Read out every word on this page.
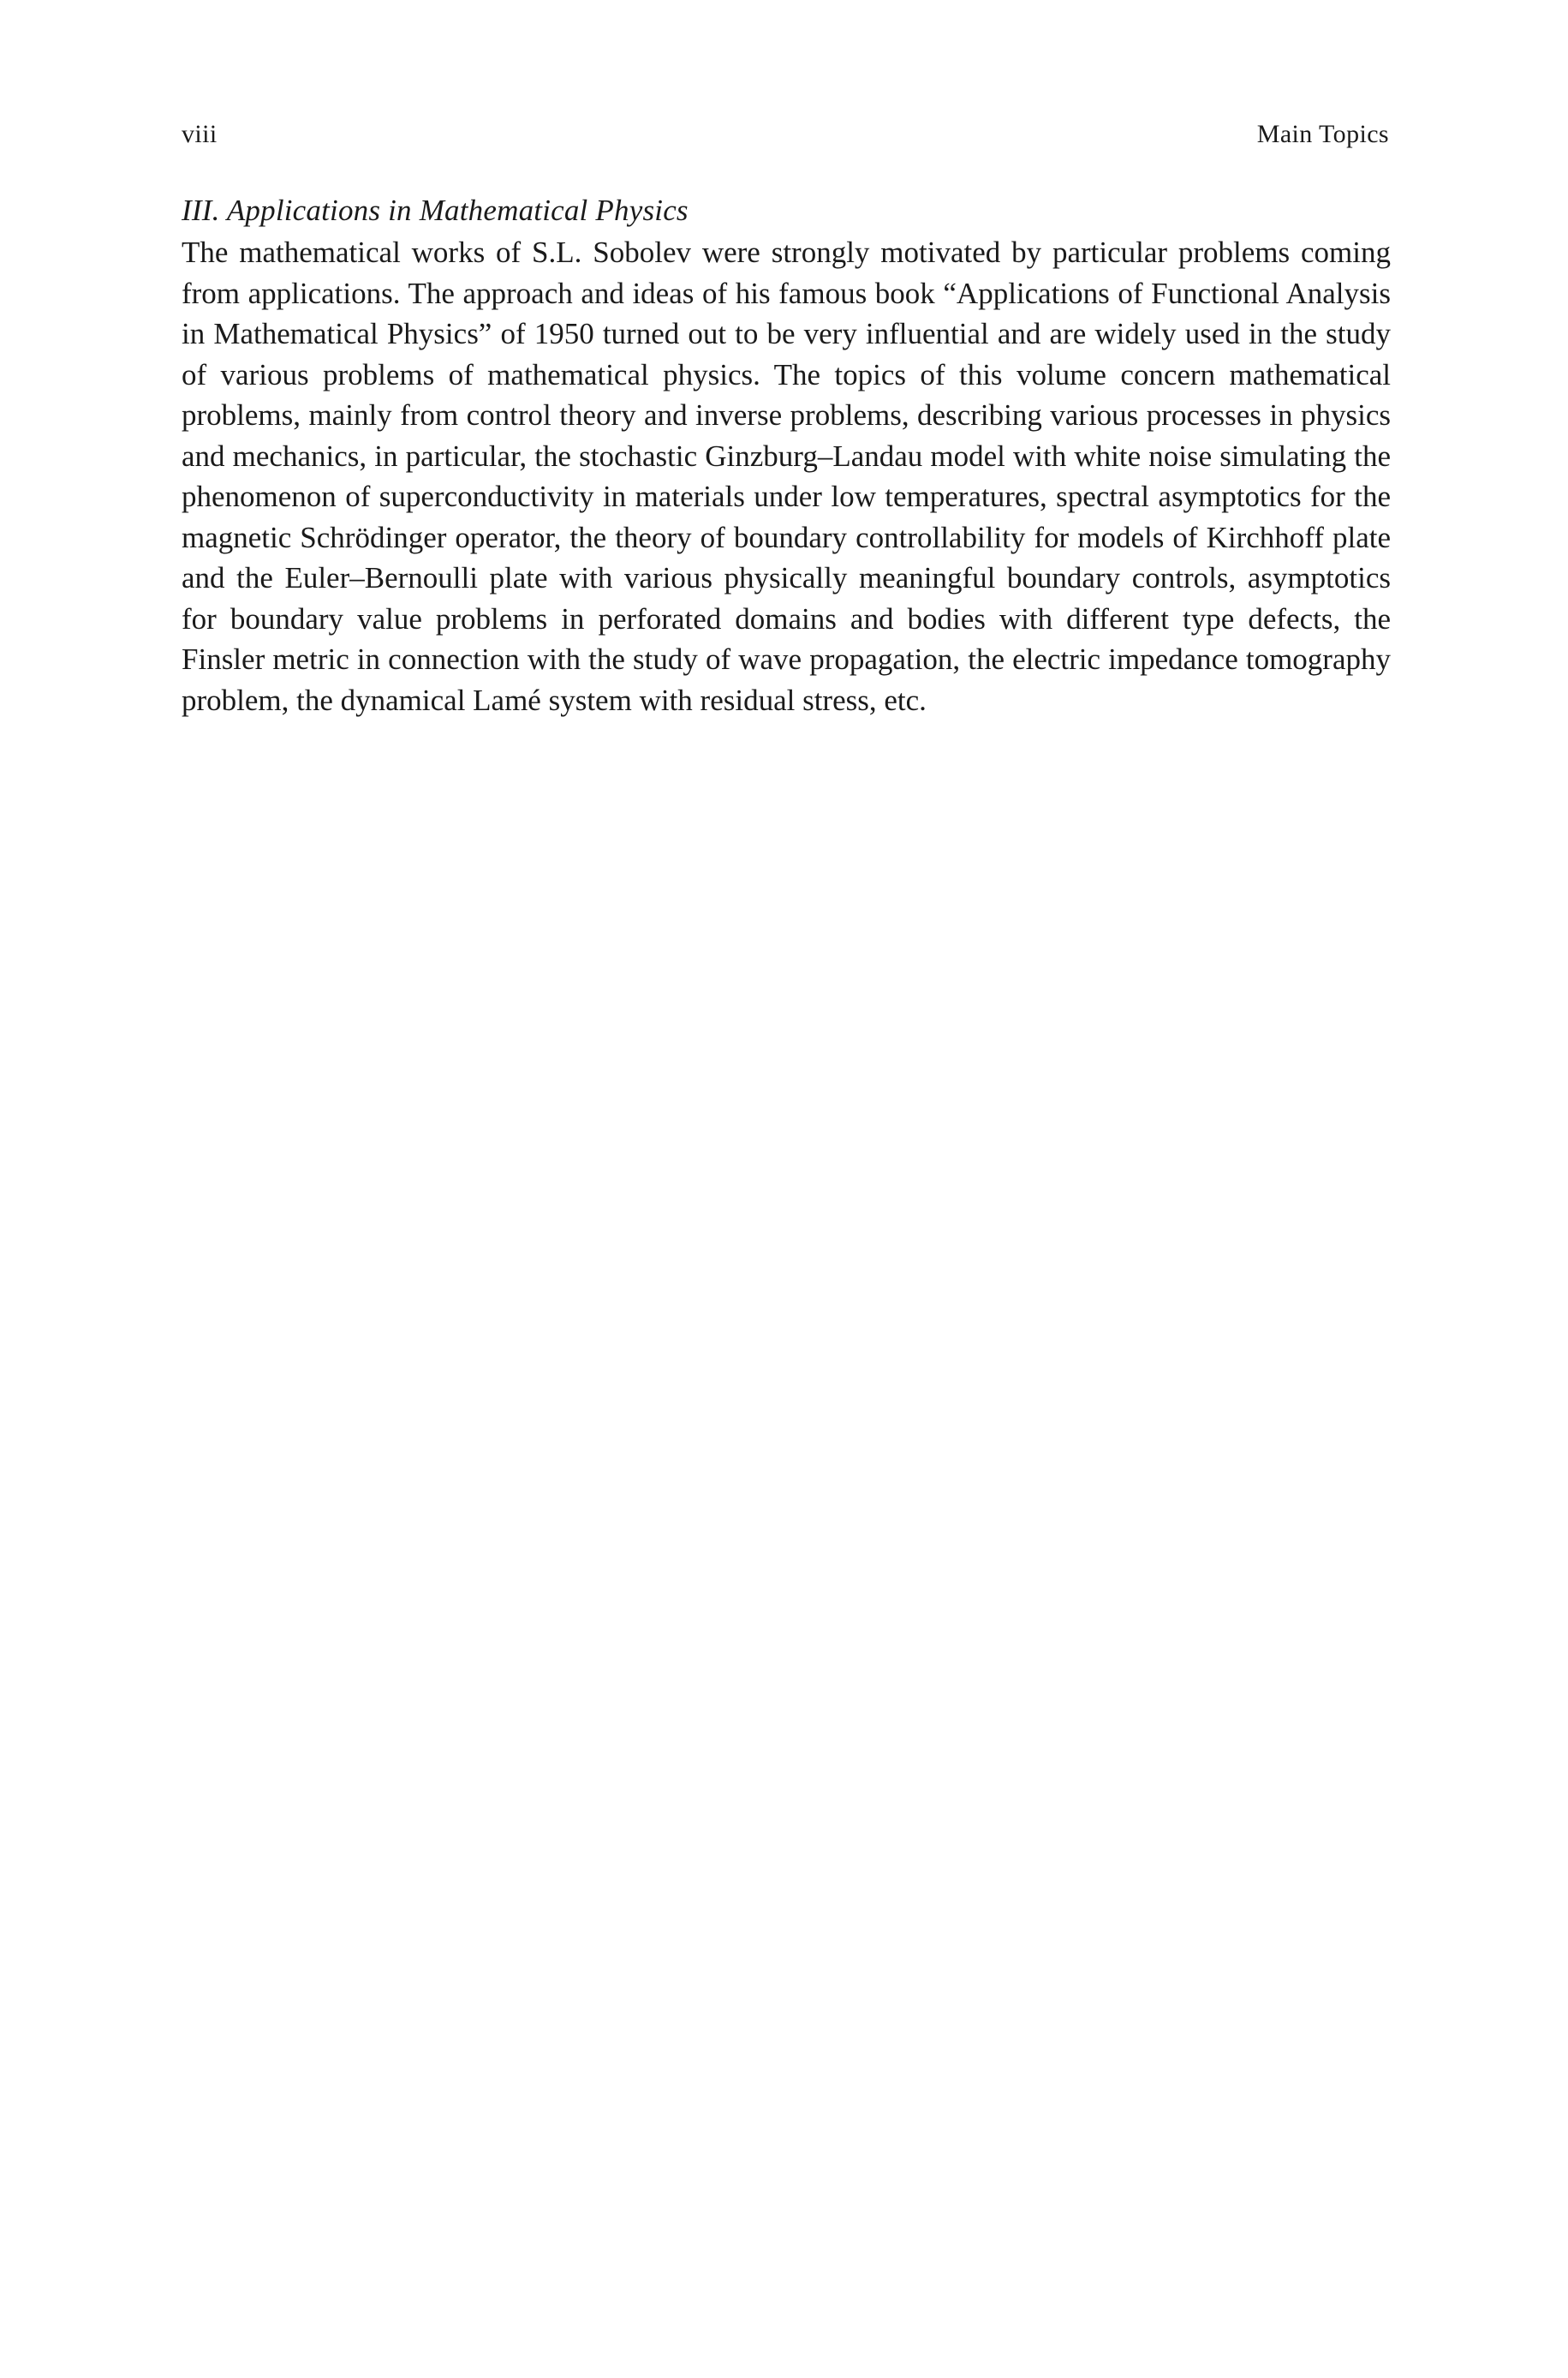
viii	Main Topics

III. Applications in Mathematical Physics

The mathematical works of S.L. Sobolev were strongly motivated by particular problems coming from applications. The approach and ideas of his famous book “Applications of Functional Analysis in Mathematical Physics” of 1950 turned out to be very influential and are widely used in the study of various problems of mathematical physics. The topics of this volume concern mathematical problems, mainly from control theory and inverse problems, describing various processes in physics and mechanics, in particular, the stochastic Ginzburg–Landau model with white noise simulating the phenomenon of superconductivity in materials under low temperatures, spectral asymptotics for the magnetic Schrödinger operator, the theory of boundary controllability for models of Kirchhoff plate and the Euler–Bernoulli plate with various physically meaningful boundary controls, asymptotics for boundary value problems in perforated domains and bodies with different type defects, the Finsler metric in connection with the study of wave propagation, the electric impedance tomography problem, the dynamical Lamé system with residual stress, etc.
